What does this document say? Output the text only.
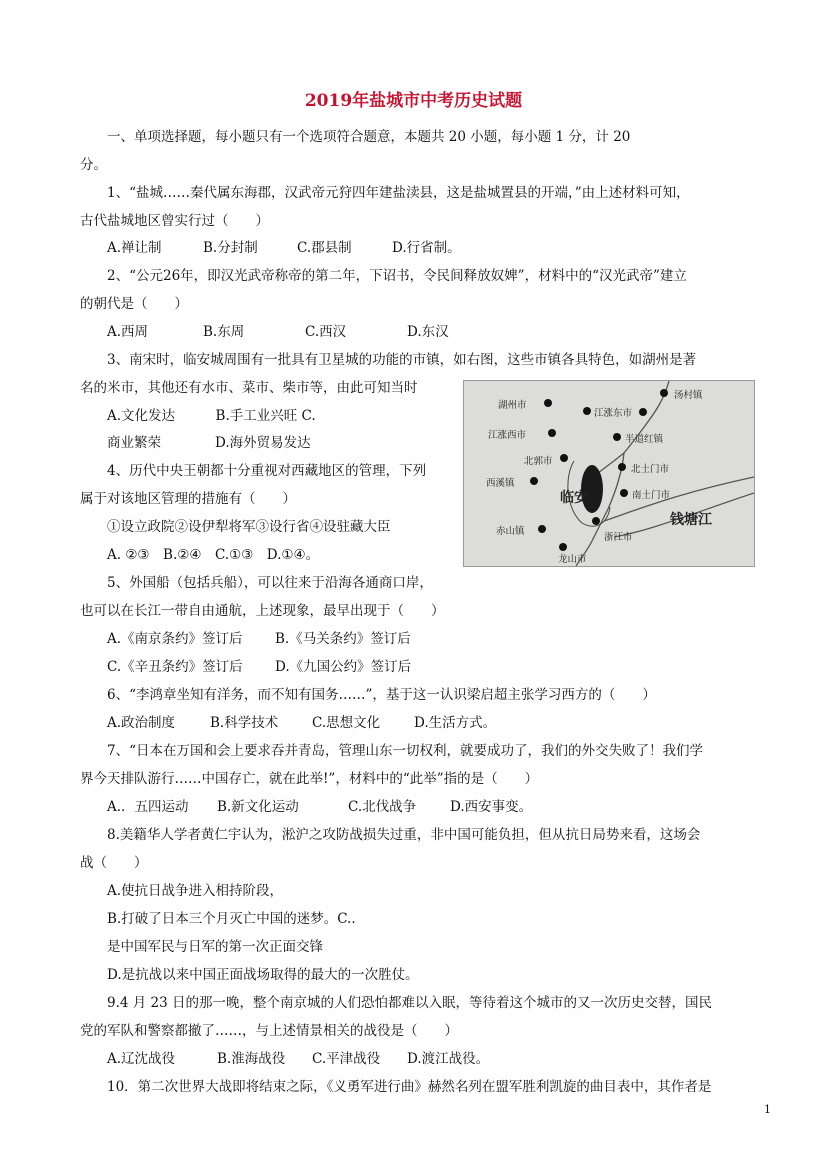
2019年盐城市中考历史试题
一、单项选择题，每小题只有一个选项符合题意，本题共 20 小题，每小题 1 分，计 20
分。
1、“盐城……秦代属东海郡，汉武帝元狩四年建盐渎县，这是盐城置县的开端，”由上述材料可知，
古代盐城地区曾实行过（　　）
A.禅让制	B.分封制	C.郡县制	D.行省制。
2、“公元26年，即汉光武帝称帝的第二年，下诏书，令民间释放奴婢”，材料中的“汉光武帝”建立
的朝代是（　　）
A.西周	B.东周	C.西汉	D.东汉
3、南宋时，临安城周围有一批具有卫星城的功能的市镇，如右图，这些市镇各具特色，如湖州是著
名的米市，其他还有水市、菜市、柴市等，由此可知当时
A.文化发达　　　B.手工业兴旺 C.
商业繁荣　　　　D.海外贸易发达
湖州市
汤村镇
江涨东市
江涨西市	半道红镇
北郭市
北土门市
西溪镇
临安	南土门市
钱塘江
赤山镇
浙江市
龙山市
4、历代中央王朝都十分重视对西藏地区的管理，下列
属于对该地区管理的措施有（　　）
①设立政院②设伊犁将军③设行省④设驻藏大臣
A. ②③　B.②④　C.①③　D.①④。
5、外国船（包括兵船），可以往来于沿海各通商口岸，
也可以在长江一带自由通航，上述现象，最早出现于（　　）
A.《南京条约》签订后 B.《马关条约》签订后
C.《辛丑条约》签订后 D.《九国公约》签订后
6、“李鸿章坐知有洋务，而不知有国务……”，基于这一认识梁启超主张学习西方的（　　）
A.政治制度	B.科学技术	C.思想文化	D.生活方式。
7、“日本在万国和会上要求吞并青岛，管理山东一切权利，就要成功了，我们的外交失败了！我们学
界今天排队游行……中国存亡，就在此举!”，材料中的“此举”指的是（　　）
A.．五四运动 B.新文化运动	C.北伐战争	D.西安事变。
8.美籍华人学者黄仁宇认为，淞沪之攻防战损失过重，非中国可能负担，但从抗日局势来看，这场会
战（　　）
A.使抗日战争进入相持阶段，
B.打破了日本三个月灭亡中国的迷梦。C.．
是中国军民与日军的第一次正面交锋
D.是抗战以来中国正面战场取得的最大的一次胜仗。
9.4 月 23 日的那一晚，整个南京城的人们恐怕都难以入眠，等待着这个城市的又一次历史交替，国民
党的军队和警察都撤了……，与上述情景相关的战役是（　　）
A.辽沈战役	B.淮海战役 C.平津战役 D.渡江战役。
10．第二次世界大战即将结束之际，《义勇军进行曲》赫然名列在盟军胜利凯旋的曲目表中，其作者是
1
